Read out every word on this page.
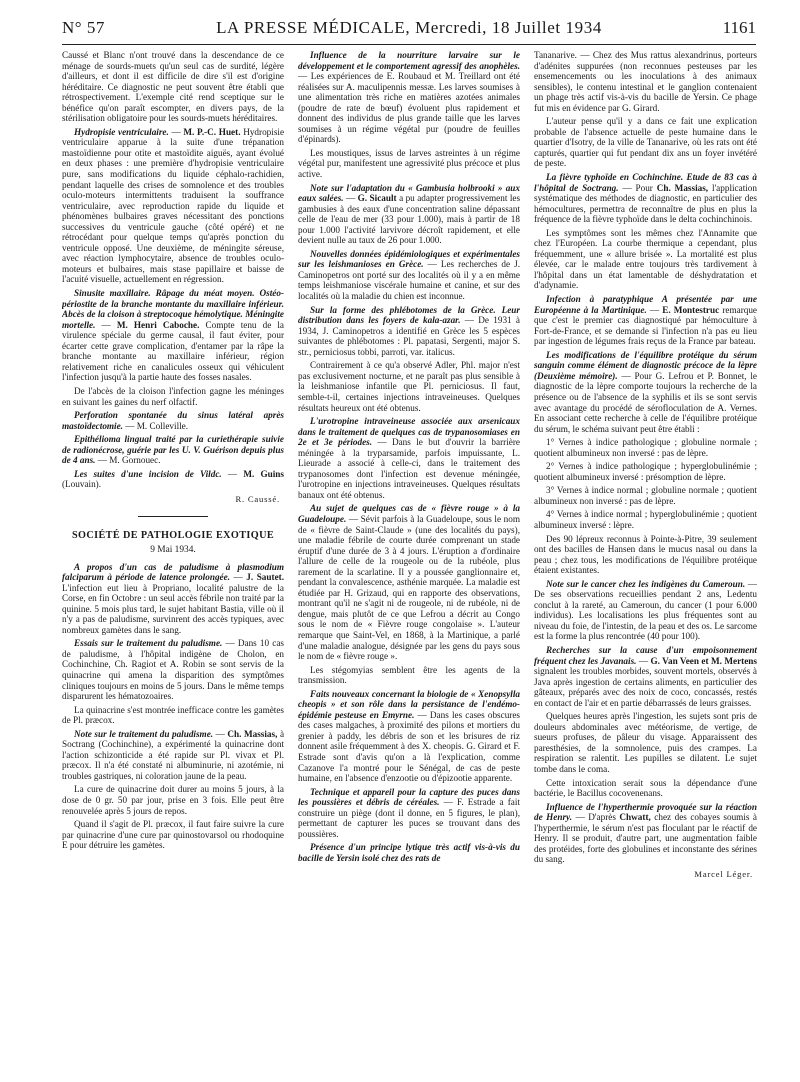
N° 57	LA PRESSE MÉDICALE, Mercredi, 18 Juillet 1934	1161

Caussé et Blanc n'ont trouvé dans la descendance de ce ménage de sourds-muets qu'un seul cas de surdité, légère d'ailleurs, et dont il est difficile de dire s'il est d'origine héréditaire. Ce diagnostic ne peut souvent être établi que rétrospectivement. L'exemple cité rend sceptique sur le bénéfice qu'on paraît escompter, en divers pays, de la stérilisation obligatoire pour les sourds-muets héréditaires.

Hydropisie ventriculaire. — M. P.-C. Huet. Hydropisie ventriculaire apparue à la suite d'une trépanation mastoïdienne pour otite et mastoïdite aiguës, ayant évolué en deux phases : une première d'hydropisie ventriculaire pure, sans modifications du liquide céphalo-rachidien, pendant laquelle des crises de somnolence et des troubles oculo-moteurs intermittents traduisent la souffrance ventriculaire, avec reproduction rapide du liquide et phénomènes bulbaires graves nécessitant des ponctions successives du ventricule gauche (côté opéré) et ne rétrocédant pour quelque temps qu'après ponction du ventricule opposé. Une deuxième, de méningite séreuse, avec réaction lymphocytaire, absence de troubles oculo-moteurs et bulbaires, mais stase papillaire et baisse de l'acuité visuelle, actuellement en régression.

Sinusite maxillaire. Râpage du méat moyen. Ostéo-périostite de la branche montante du maxillaire inférieur. Abcès de la cloison à streptocoque hémolytique. Méningite mortelle. — M. Henri Caboche. Compte tenu de la virulence spéciale du germe causal, il faut éviter, pour écarter cette grave complication, d'entamer par la râpe la branche montante au maxillaire inférieur, région relativement riche en canalicules osseux qui véhiculent l'infection jusqu'à la partie haute des fosses nasales.

De l'abcès de la cloison l'infection gagne les méninges en suivant les gaines du nerf olfactif.

Perforation spontanée du sinus latéral après mastoïdectomie. — M. Colleville.

Epithélioma lingual traité par la curiethérapie suivie de radionécrose, guérie par les U. V. Guérison depuis plus de 4 ans. — M. Gornouec.

Les suites d'une incision de Vildc. — M. Guins (Louvain).

R. Caussé.
SOCIÉTÉ DE PATHOLOGIE EXOTIQUE
9 Mai 1934.

A propos d'un cas de paludisme à plasmodium falciparum à période de latence prolongée. — J. Sautet. L'infection eut lieu à Propriano, localité palustre de la Corse, en fin Octobre : un seul accès fébrile non traité par la quinine. 5 mois plus tard, le sujet habitant Bastia, ville où il n'y a pas de paludisme, survinrent des accès typiques, avec nombreux gamètes dans le sang.

Essais sur le traitement du paludisme. — Dans 10 cas de paludisme, à l'hôpital indigène de Cholon, en Cochinchine, Ch. Ragiot et A. Robin se sont servis de la quinacrine qui amena la disparition des symptômes cliniques toujours en moins de 5 jours. Dans le même temps disparurent les hématozoaires.

La quinacrine s'est montrée inefficace contre les gamètes de Pl. præcox.

Note sur le traitement du paludisme. — Ch. Massias, à Soctrang (Cochinchine), a expérimenté la quinacrine dont l'action schizonticide a été rapide sur Pl. vivax et Pl. præcox. Il n'a été constaté ni albuminurie, ni azotémie, ni troubles gastriques, ni coloration jaune de la peau.

La cure de quinacrine doit durer au moins 5 jours, à la dose de 0 gr. 50 par jour, prise en 3 fois. Elle peut être renouvelée après 5 jours de repos.

Quand il s'agit de Pl. præcox, il faut faire suivre la cure par quinacrine d'une cure par quinostovarsol ou rhodoquine E pour détruire les gamètes.

Influence de la nourriture larvaire sur le développement et le comportement agressif des anophèles. — Les expériences de E. Roubaud et M. Treillard ont été réalisées sur A. maculipennis messæ. Les larves soumises à une alimentation très riche en matières azotées animales (poudre de rate de bœuf) évoluent plus rapidement et donnent des individus de plus grande taille que les larves soumises à un régime végétal pur (poudre de feuilles d'épinards).

Les moustiques, issus de larves astreintes à un régime végétal pur, manifestent une agressivité plus précoce et plus active.

Note sur l'adaptation du « Gambusia holbrooki » aux eaux salées. — G. Sicault a pu adapter progressivement les gambusies à des eaux d'une concentration saline dépassant celle de l'eau de mer (33 pour 1.000), mais à partir de 18 pour 1.000 l'activité larvivore décroît rapidement, et elle devient nulle au taux de 26 pour 1.000.

Nouvelles données épidémiologiques et expérimentales sur les leishmanioses en Grèce. — Les recherches de J. Caminopetros ont porté sur des localités où il y a en même temps leishmaniose viscérale humaine et canine, et sur des localités où la maladie du chien est inconnue.

Sur la forme des phlébotomes de la Grèce. Leur distribution dans les foyers de kala-azar. — De 1931 à 1934, J. Caminopetros a identifié en Grèce les 5 espèces suivantes de phlébotomes : Pl. papatasi, Sergenti, major S. str., perniciosus tobbi, parroti, var. italicus.

Contrairement à ce qu'a observé Adler, Phl. major n'est pas exclusivement nocturne, et ne paraît pas plus sensible à la leishmaniose infantile que Pl. perniciosus. Il faut, semble-t-il, certaines injections intraveineuses. Quelques résultats heureux ont été obtenus.

L'urotropine intraveineuse associée aux arsenicaux dans le traitement de quelques cas de trypanosomiases en 2e et 3e périodes. — Dans le but d'ouvrir la barrière méningée à la tryparsamide, parfois impuissante, L. Lieurade a associé à celle-ci, dans le traitement des trypanosomes dont l'infection est devenue méningée, l'urotropine en injections intraveineuses. Quelques résultats banaux ont été obtenus.

Au sujet de quelques cas de « fièvre rouge » à la Guadeloupe. — Sévit parfois à la Guadeloupe, sous le nom de « fièvre de Saint-Claude » (une des localités du pays), une maladie fébrile de courte durée comprenant un stade éruptif d'une durée de 3 à 4 jours. L'éruption a d'ordinaire l'allure de celle de la rougeole ou de la rubéole, plus rarement de la scarlatine. Il y a poussée ganglionnaire et, pendant la convalescence, asthénie marquée. La maladie est étudiée par H. Grizaud, qui en rapporte des observations, montrant qu'il ne s'agit ni de rougeole, ni de rubéole, ni de dengue, mais plutôt de ce que Lefrou a décrit au Congo sous le nom de « Fièvre rouge congolaise ». L'auteur remarque que Saint-Vel, en 1868, à la Martinique, a parlé d'une maladie analogue, désignée par les gens du pays sous le nom de « fièvre rouge ».

Les stégomyias semblent être les agents de la transmission.

Faits nouveaux concernant la biologie de « Xenopsylla cheopis » et son rôle dans la persistance de l'endémo-épidémie pesteuse en Emyrne. — Dans les cases obscures des cases malgaches, à proximité des pilons et mortiers du grenier à paddy, les débris de son et les brisures de riz donnent asile fréquemment à des X. cheopis. G. Girard et F. Estrade sont d'avis qu'on a là l'explication, comme Cazanove l'a montré pour le Sénégal, de cas de peste humaine, en l'absence d'enzootie ou d'épizootie apparente.

Technique et appareil pour la capture des puces dans les poussières et débris de céréales. — F. Estrade a fait construire un piège (dont il donne, en 5 figures, le plan), permettant de capturer les puces se trouvant dans des poussières.

Présence d'un principe lytique très actif vis-à-vis du bacille de Yersin isolé chez des rats de

Tananarive. — Chez des Mus rattus alexandrinus, porteurs d'adénites suppurées (non reconnues pesteuses par les ensemencements ou les inoculations à des animaux sensibles), le contenu intestinal et le ganglion contenaient un phage très actif vis-à-vis du bacille de Yersin. Ce phage fut mis en évidence par G. Girard.

L'auteur pense qu'il y a dans ce fait une explication probable de l'absence actuelle de peste humaine dans le quartier d'Isotry, de la ville de Tananarive, où les rats ont été capturés, quartier qui fut pendant dix ans un foyer invétéré de peste.

La fièvre typhoïde en Cochinchine. Etude de 83 cas à l'hôpital de Soctrang. — Pour Ch. Massias, l'application systématique des méthodes de diagnostic, en particulier des hémocultures, permettra de reconnaître de plus en plus la fréquence de la fièvre typhoïde dans le delta cochinchinois.

Les symptômes sont les mêmes chez l'Annamite que chez l'Européen. La courbe thermique a cependant, plus fréquemment, une « allure brisée ». La mortalité est plus élevée, car le malade entre toujours très tardivement à l'hôpital dans un état lamentable de déshydratation et d'adynamie.

Infection à paratyphique A présentée par une Européenne à la Martinique. — E. Montestruc remarque que c'est le premier cas diagnostiqué par hémoculture à Fort-de-France, et se demande si l'infection n'a pas eu lieu par ingestion de légumes frais reçus de la France par bateau.

Les modifications de l'équilibre protéique du sérum sanguin comme élément de diagnostic précoce de la lèpre (Deuxième mémoire). — Pour G. Lefrou et P. Bonnet, le diagnostic de la lèpre comporte toujours la recherche de la présence ou de l'absence de la syphilis et ils se sont servis avec avantage du procédé de sérofloculation de A. Vernes. En associant cette recherche à celle de l'équilibre protéique du sérum, le schéma suivant peut être établi :

1° Vernes à indice pathologique ; globuline normale ; quotient albumineux non inversé : pas de lèpre.

2° Vernes à indice pathologique ; hyperglobulinémie ; quotient albumineux inversé : présomption de lèpre.

3° Vernes à indice normal ; globuline normale ; quotient albumineux non inversé : pas de lèpre.

4° Vernes à indice normal ; hyperglobulinémie ; quotient albumineux inversé : lèpre.

Des 90 lépreux reconnus à Pointe-à-Pitre, 39 seulement ont des bacilles de Hansen dans le mucus nasal ou dans la peau ; chez tous, les modifications de l'équilibre protéique étaient existantes.

Note sur le cancer chez les indigènes du Cameroun. — De ses observations recueillies pendant 2 ans, Ledentu conclut à la rareté, au Cameroun, du cancer (1 pour 6.000 individus). Les localisations les plus fréquentes sont au niveau du foie, de l'intestin, de la peau et des os. Le sarcome est la forme la plus rencontrée (40 pour 100).

Recherches sur la cause d'un empoisonnement fréquent chez les Javanais. — G. Van Veen et M. Mertens signalent les troubles morbides, souvent mortels, observés à Java après ingestion de certains aliments, en particulier des gâteaux, préparés avec des noix de coco, concassés, restés en contact de l'air et en partie débarrassés de leurs graisses.

Quelques heures après l'ingestion, les sujets sont pris de douleurs abdominales avec météorisme, de vertige, de sueurs profuses, de pâleur du visage. Apparaissent des paresthésies, de la somnolence, puis des crampes. La respiration se ralentit. Les pupilles se dilatent. Le sujet tombe dans le coma.

Cette intoxication serait sous la dépendance d'une bactérie, le Bacillus cocovenenans.

Influence de l'hyperthermie provoquée sur la réaction de Henry. — D'après Chwatt, chez des cobayes soumis à l'hyperthermie, le sérum n'est pas floculant par le réactif de Henry. Il se produit, d'autre part, une augmentation faible des protéides, forte des globulines et inconstante des sérines du sang.

Marcel Léger.
